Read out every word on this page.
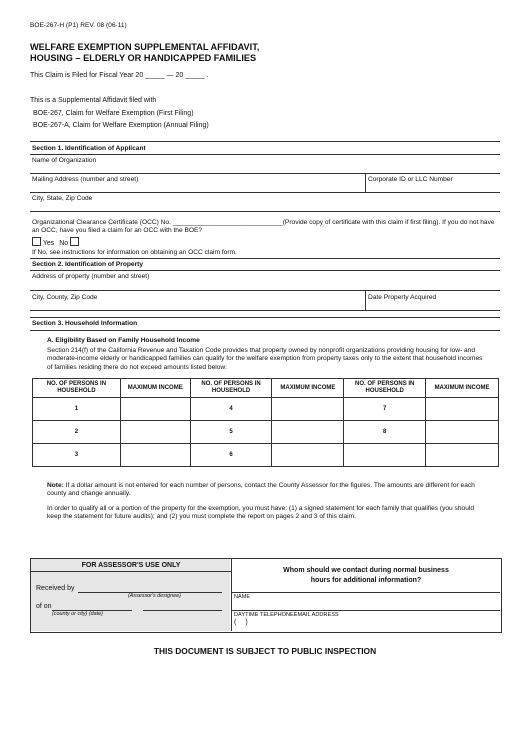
BOE-267-H (P1) REV. 08 (06-11)
WELFARE EXEMPTION SUPPLEMENTAL AFFIDAVIT,
HOUSING – ELDERLY OR HANDICAPPED FAMILIES
This Claim is Filed for Fiscal Year 20 _____ — 20 _____ .
This is a Supplemental Affidavit filed with
BOE-267, Claim for Welfare Exemption (First Filing)
BOE-267-A, Claim for Welfare Exemption (Annual Filing)
Section 1. Identification of Applicant
Name of Organization
Mailing Address (number and street)	Corporate ID or LLC Number
City, State, Zip Code
Organizational Clearance Certificate (OCC) No. ______________________________(Provide copy of certificate with this claim if first filing). If you do not have
an OCC, have you filed a claim for an OCC with the BOE?
Yes No
If No, see instructions for information on obtaining an OCC claim form.
Section 2. Identification of Property
Address of property (number and street)
City, County, Zip Code	Date Property Acquired
Section 3. Household Information
A. Eligibility Based on Family Household Income
Section 214(f) of the California Revenue and Taxation Code provides that property owned by nonprofit organizations providing housing for low- and
moderate-income elderly or handicapped families can qualify for the welfare exemption from property taxes only to the extent that household incomes
of families residing there do not exceed amounts listed below:
NO. OF PERSONS IN HOUSEHOLD	MAXIMUM INCOME	NO. OF PERSONS IN HOUSEHOLD	MAXIMUM INCOME	NO. OF PERSONS IN HOUSEHOLD	MAXIMUM INCOME
1		4		7	
2		5		8	
3		6			
Note: If a dollar amount is not entered for each number of persons, contact the County Assessor for the figures. The amounts are different for each
county and change annually.
In order to qualify all or a portion of the property for the exemption, you must have: (1) a signed statement for each family that qualifies (you should
keep the statement for future audits); and (2) you must complete the report on pages 2 and 3 of this claim.
FOR ASSESSOR'S USE ONLY
Received by
(Assessor's designee)
of on
(county or city) (date)
Whom should we contact during normal business
hours for additional information?
NAME
DAYTIME TELEPHONEEMAIL ADDRESS
()
THIS DOCUMENT IS SUBJECT TO PUBLIC INSPECTION
